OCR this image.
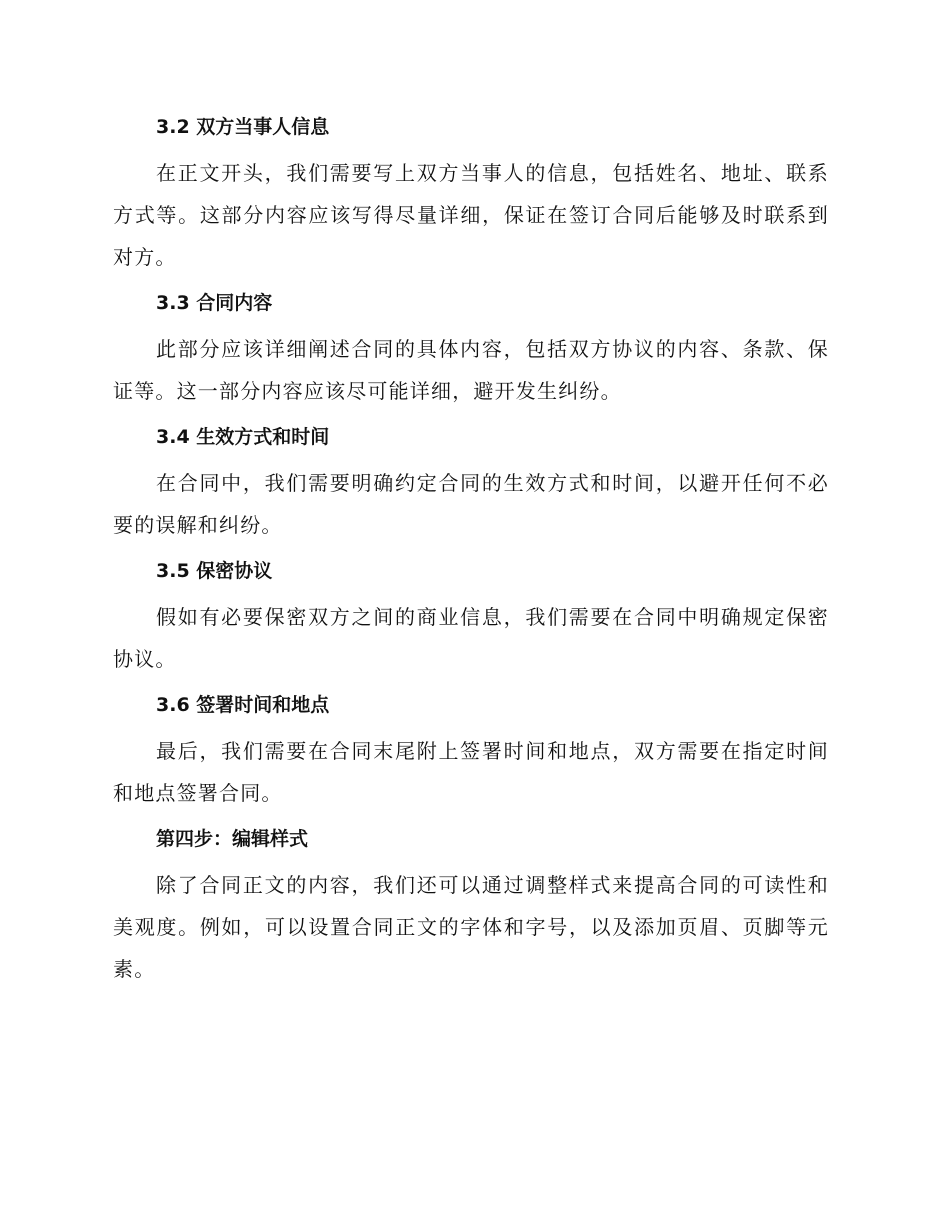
3.2 双方当事人信息

在正文开头，我们需要写上双方当事人的信息，包括姓名、地址、联系方式等。这部分内容应该写得尽量详细，保证在签订合同后能够及时联系到对方。

3.3 合同内容

此部分应该详细阐述合同的具体内容，包括双方协议的内容、条款、保证等。这一部分内容应该尽可能详细，避开发生纠纷。

3.4 生效方式和时间

在合同中，我们需要明确约定合同的生效方式和时间，以避开任何不必要的误解和纠纷。

3.5 保密协议

假如有必要保密双方之间的商业信息，我们需要在合同中明确规定保密协议。

3.6 签署时间和地点

最后，我们需要在合同末尾附上签署时间和地点，双方需要在指定时间和地点签署合同。

第四步：编辑样式

除了合同正文的内容，我们还可以通过调整样式来提高合同的可读性和美观度。例如，可以设置合同正文的字体和字号，以及添加页眉、页脚等元素。
